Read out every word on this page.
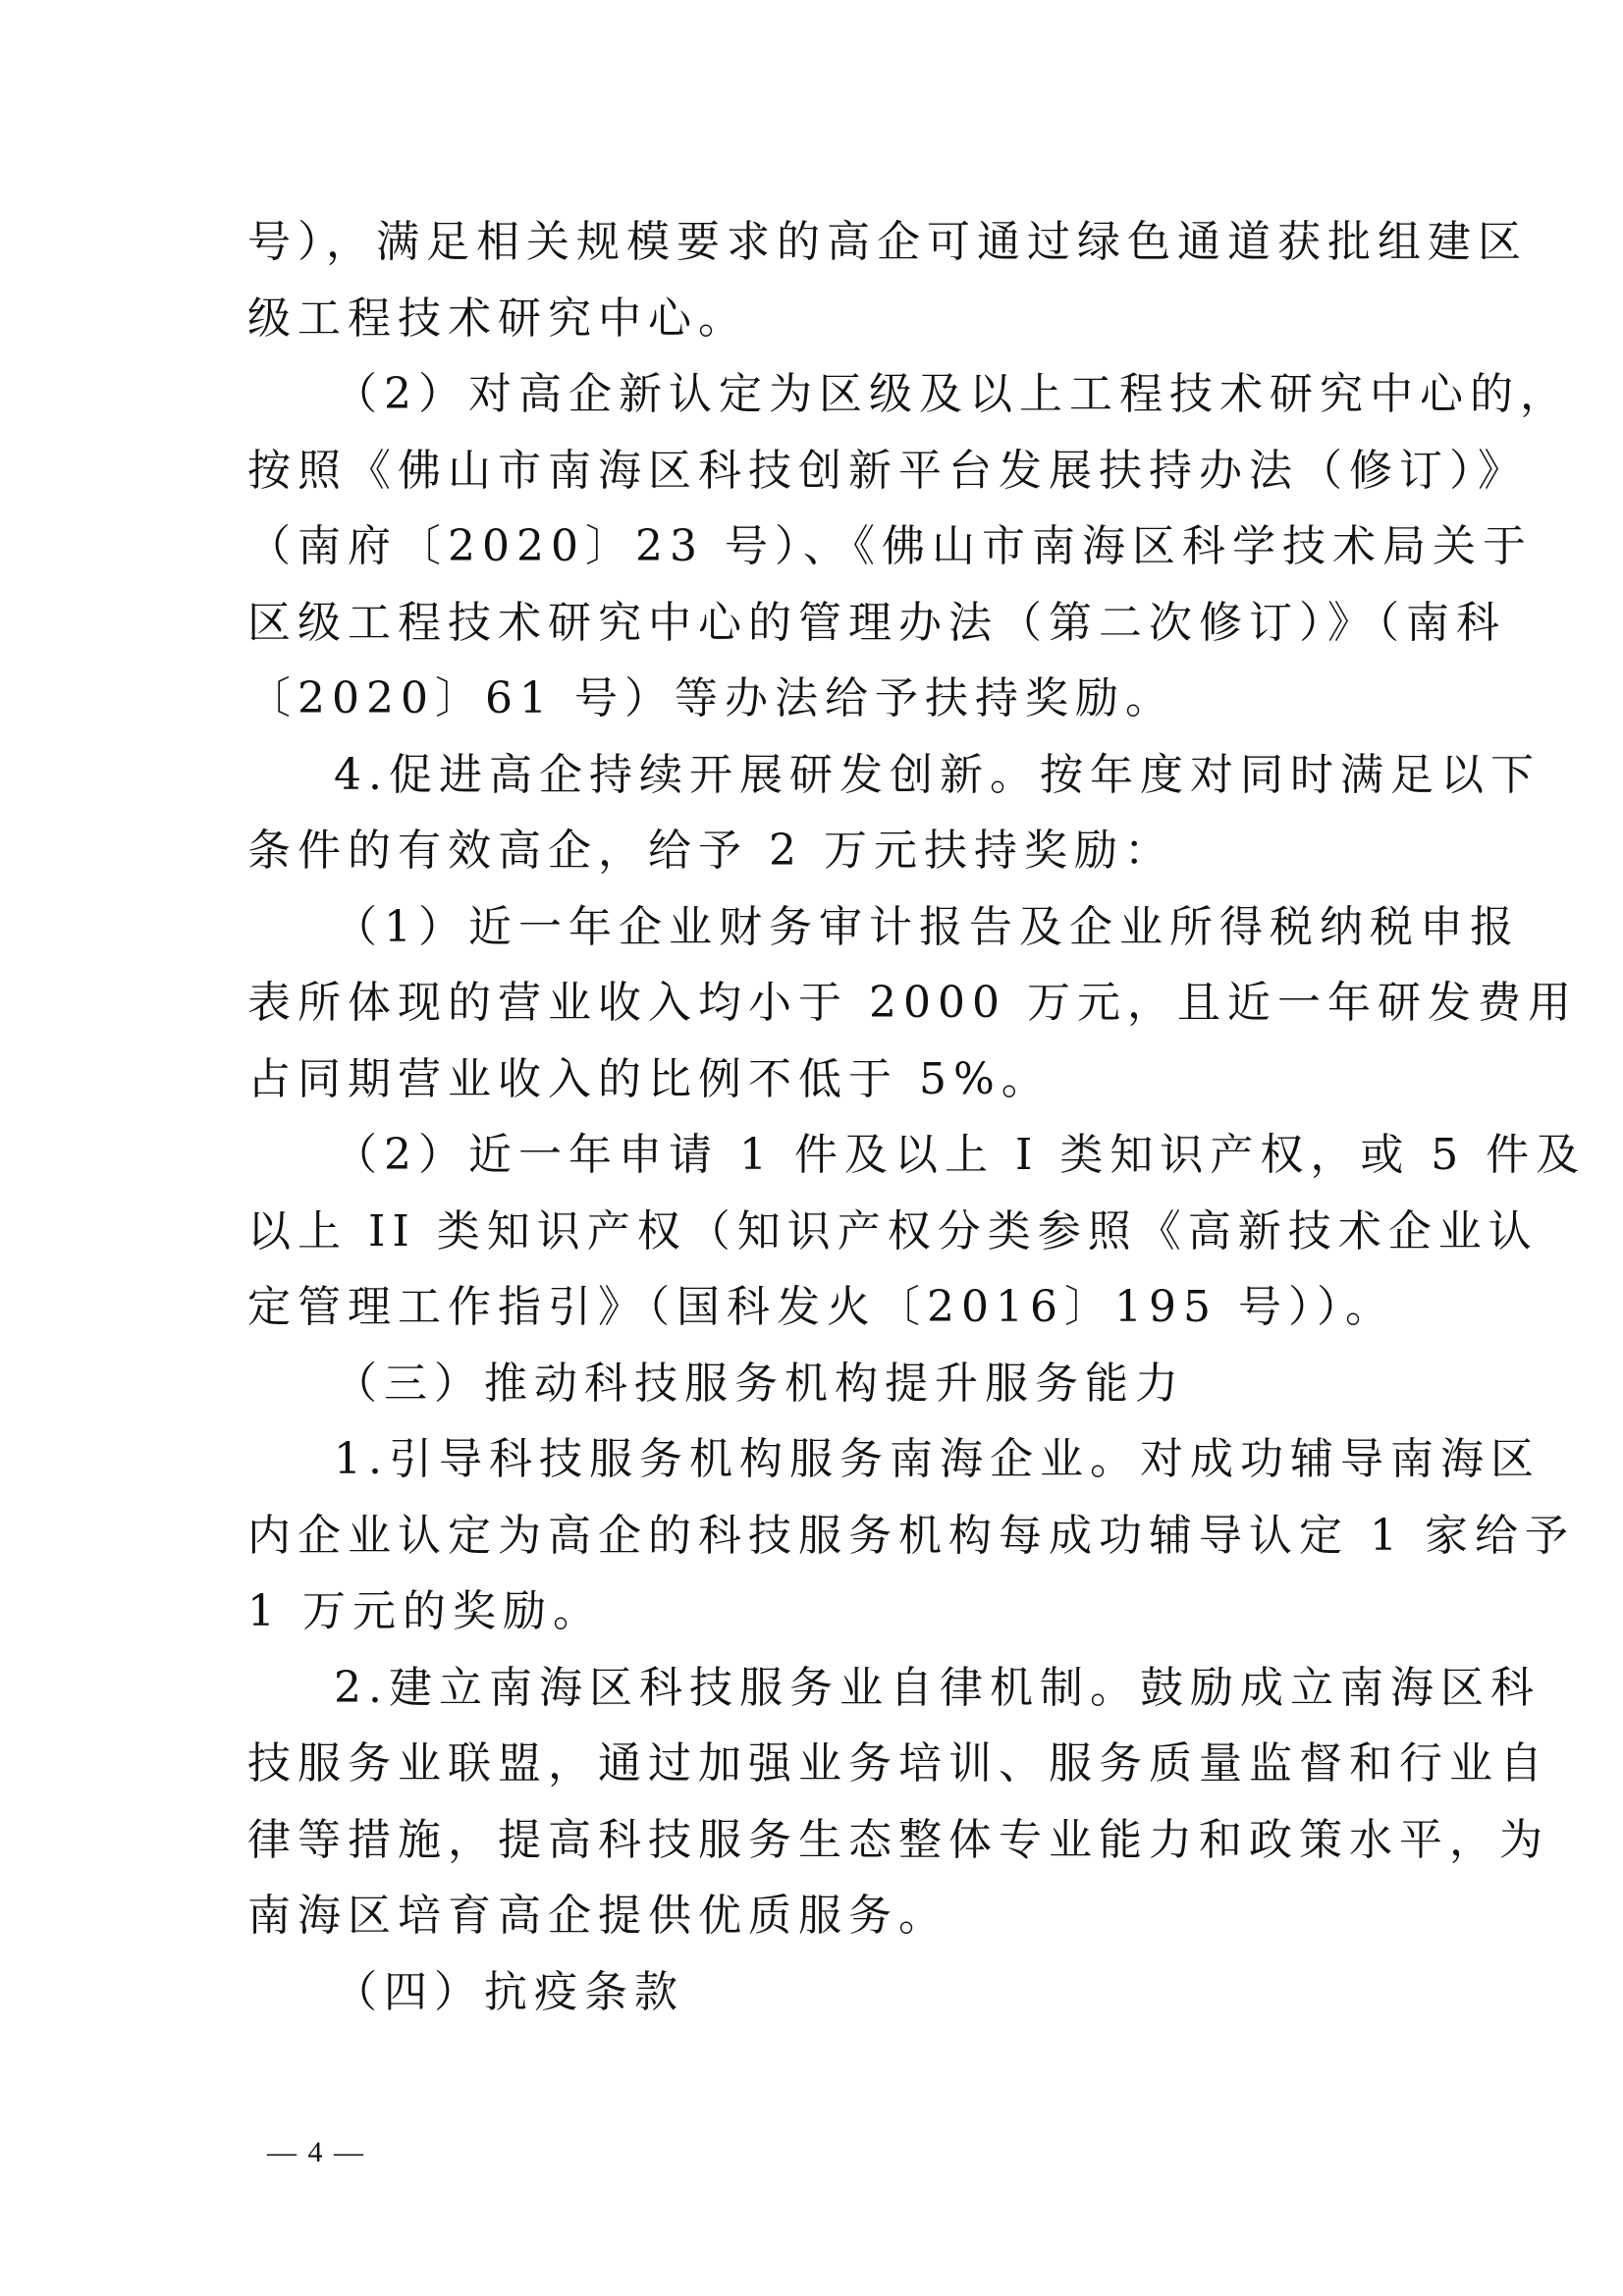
号），满足相关规模要求的高企可通过绿色通道获批组建区
级工程技术研究中心。
（2）对高企新认定为区级及以上工程技术研究中心的，
按照《佛山市南海区科技创新平台发展扶持办法（修订）》
（南府〔2020〕23 号）、《佛山市南海区科学技术局关于
区级工程技术研究中心的管理办法（第二次修订）》（南科
〔2020〕61 号）等办法给予扶持奖励。
4.促进高企持续开展研发创新。按年度对同时满足以下
条件的有效高企，给予 2 万元扶持奖励：
（1）近一年企业财务审计报告及企业所得税纳税申报
表所体现的营业收入均小于 2000 万元，且近一年研发费用
占同期营业收入的比例不低于 5%。
（2）近一年申请 1 件及以上 I 类知识产权，或 5 件及
以上 II 类知识产权（知识产权分类参照《高新技术企业认
定管理工作指引》（国科发火〔2016〕195 号））。
（三）推动科技服务机构提升服务能力
1.引导科技服务机构服务南海企业。对成功辅导南海区
内企业认定为高企的科技服务机构每成功辅导认定 1 家给予
1 万元的奖励。
2.建立南海区科技服务业自律机制。鼓励成立南海区科
技服务业联盟，通过加强业务培训、服务质量监督和行业自
律等措施，提高科技服务生态整体专业能力和政策水平，为
南海区培育高企提供优质服务。
（四）抗疫条款
— 4 —
